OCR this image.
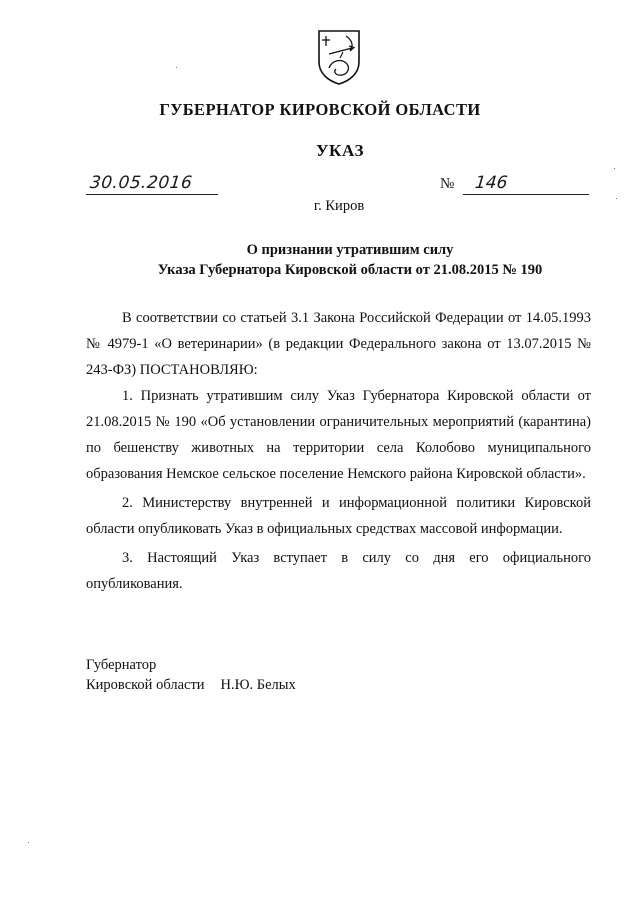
ГУБЕРНАТОР КИРОВСКОЙ ОБЛАСТИ
УКАЗ
30.05.2016	№ 146
г. Киров
О признании утратившим силу
Указа Губернатора Кировской области от 21.08.2015 № 190

В соответствии со статьей 3.1 Закона Российской Федерации от 14.05.1993 № 4979-1 «О ветеринарии» (в редакции Федерального закона от 13.07.2015 № 243-ФЗ) ПОСТАНОВЛЯЮ:

1. Признать утратившим силу Указ Губернатора Кировской области от 21.08.2015 № 190 «Об установлении ограничительных мероприятий (карантина) по бешенству животных на территории села Колобово муниципального образования Немское сельское поселение Немского района Кировской области».

2. Министерству внутренней и информационной политики Кировской области опубликовать Указ в официальных средствах массовой информации.

3. Настоящий Указ вступает в силу со дня его официального опубликования.

Губернатор
Кировской области Н.Ю. Белых
